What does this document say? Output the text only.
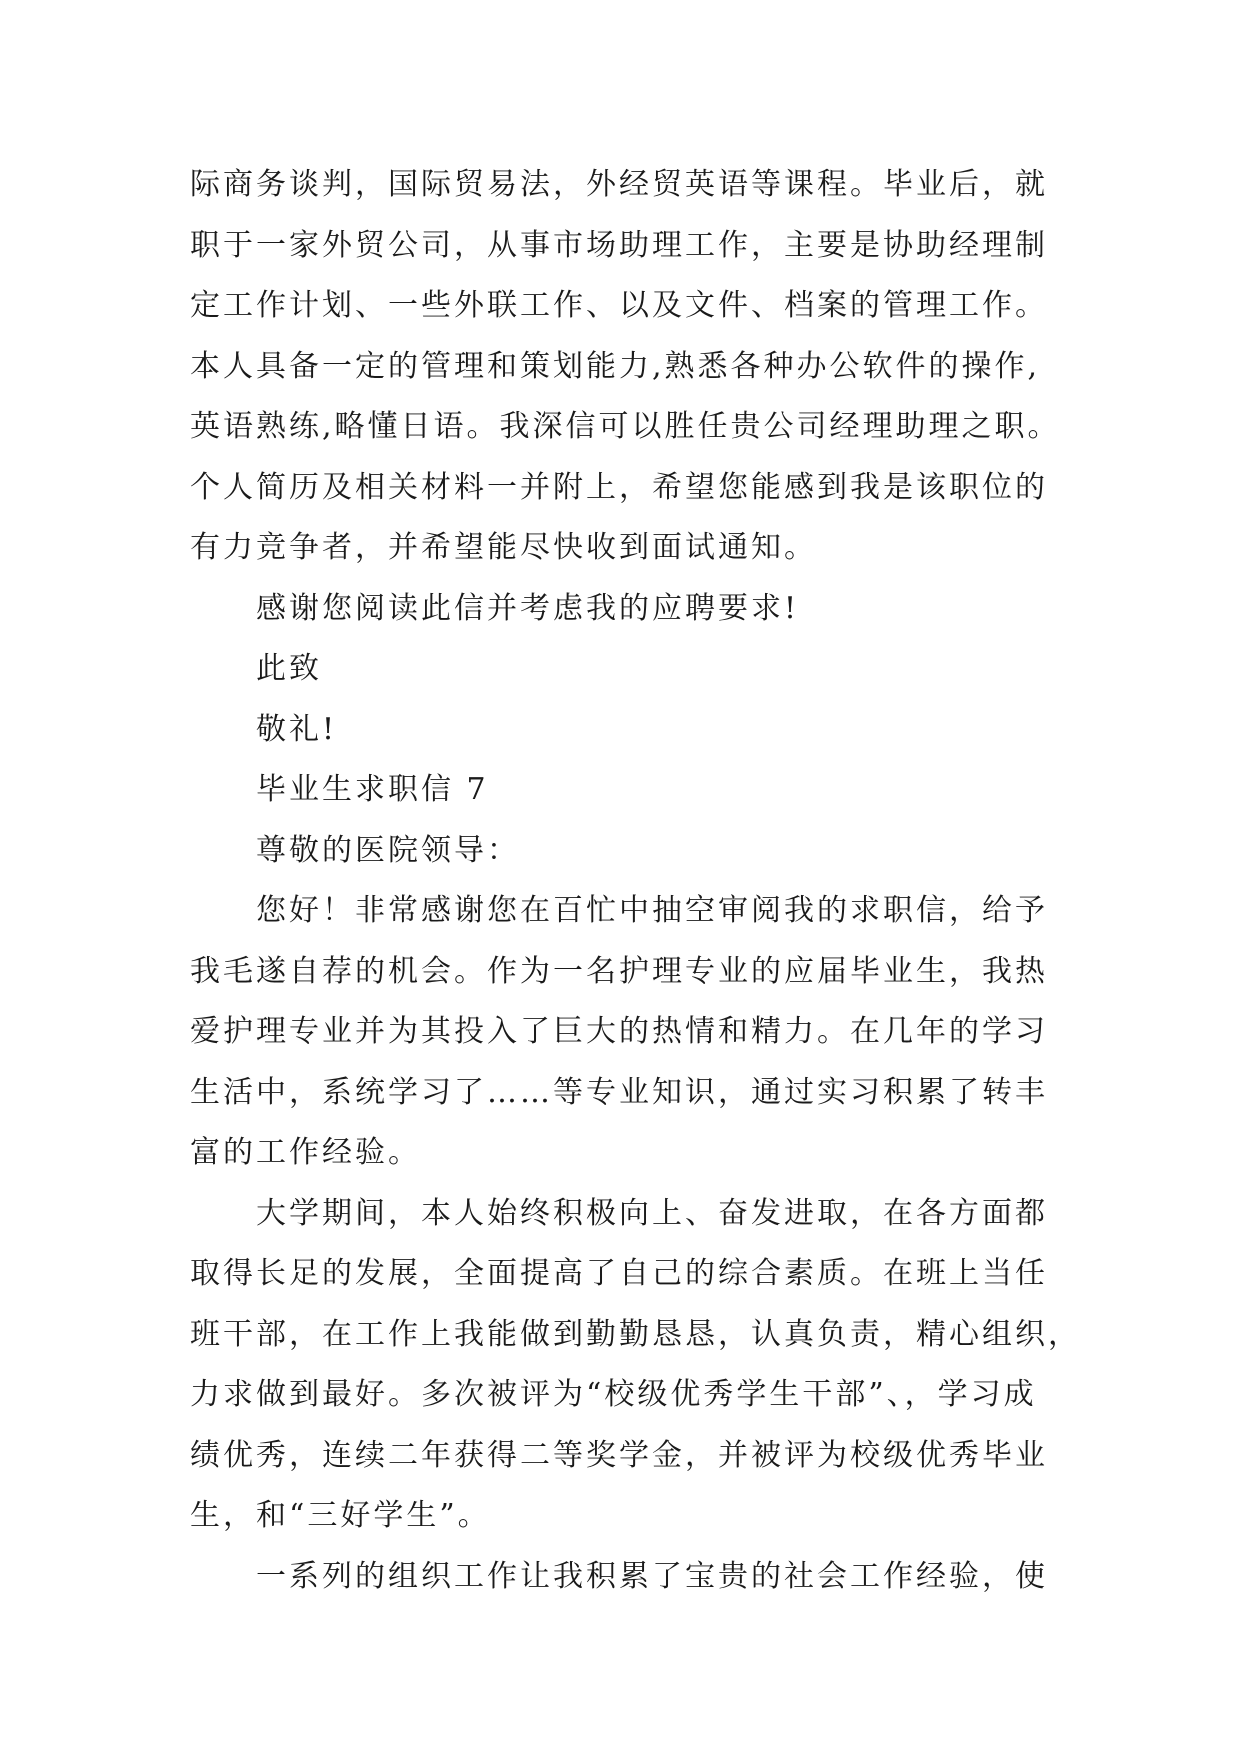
际商务谈判，国际贸易法，外经贸英语等课程。毕业后，就
职于一家外贸公司，从事市场助理工作，主要是协助经理制
定工作计划、一些外联工作、以及文件、档案的管理工作。
本人具备一定的管理和策划能力,熟悉各种办公软件的操作,
英语熟练,略懂日语。我深信可以胜任贵公司经理助理之职。
个人简历及相关材料一并附上，希望您能感到我是该职位的
有力竞争者，并希望能尽快收到面试通知。
感谢您阅读此信并考虑我的应聘要求!
此致
敬礼!
毕业生求职信 7
尊敬的医院领导：
您好！非常感谢您在百忙中抽空审阅我的求职信，给予
我毛遂自荐的机会。作为一名护理专业的应届毕业生，我热
爱护理专业并为其投入了巨大的热情和精力。在几年的学习
生活中，系统学习了……等专业知识，通过实习积累了转丰
富的工作经验。
大学期间，本人始终积极向上、奋发进取，在各方面都
取得长足的发展，全面提高了自己的综合素质。在班上当任
班干部，在工作上我能做到勤勤恳恳，认真负责，精心组织，
力求做到最好。多次被评为“校级优秀学生干部”、，学习成
绩优秀，连续二年获得二等奖学金，并被评为校级优秀毕业
生，和“三好学生”。
一系列的组织工作让我积累了宝贵的社会工作经验，使
